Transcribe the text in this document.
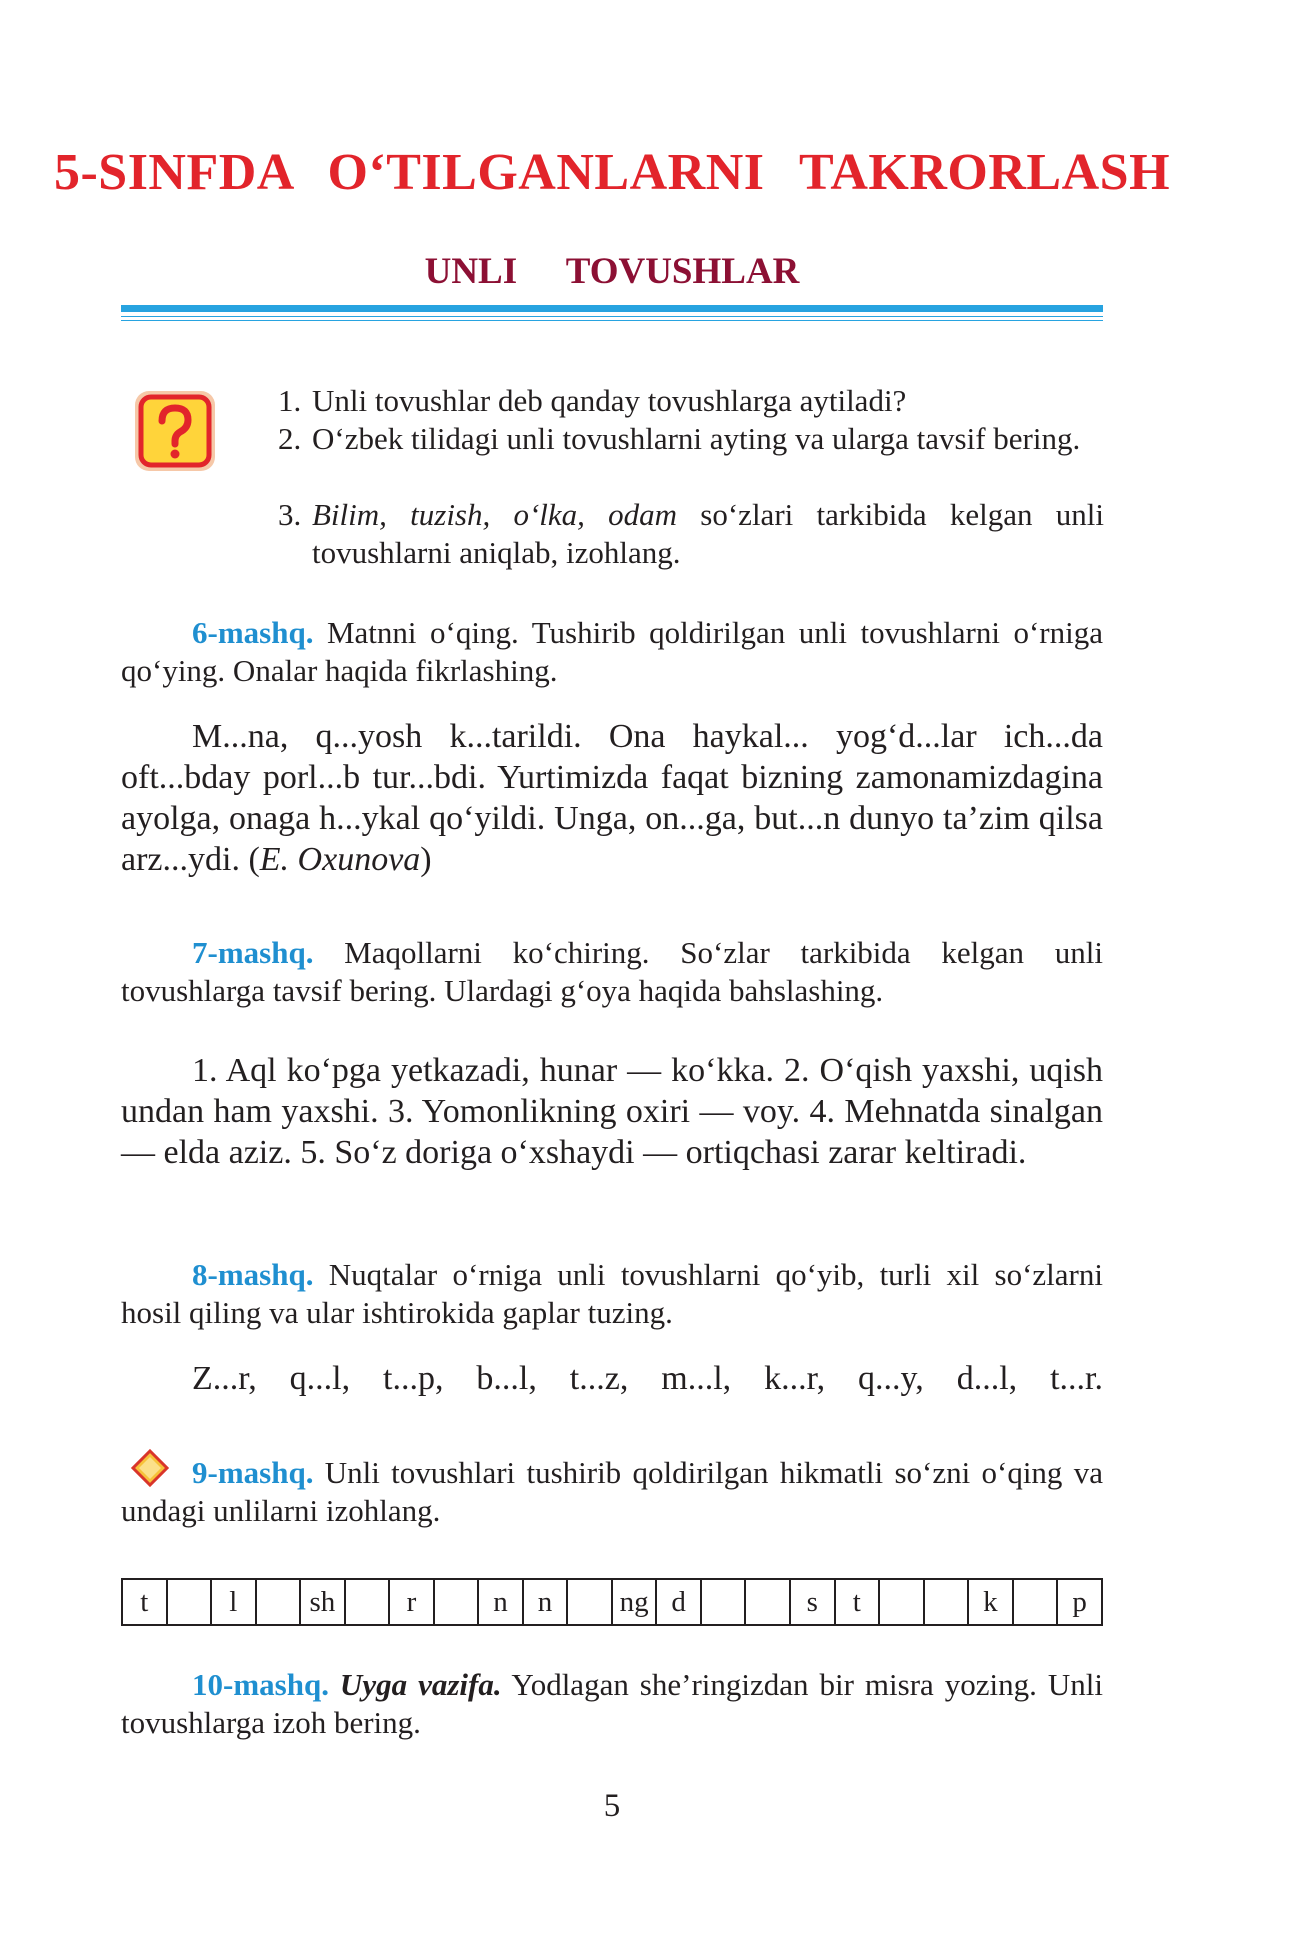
5-SINFDA O‘TILGANLARNI TAKRORLASH
UNLI TOVUSHLAR
1. Unli tovushlar deb qanday tovushlarga aytiladi?
2. O‘zbek tilidagi unli tovushlarni ayting va ularga tavsif bering.
3. Bilim, tuzish, o‘lka, odam so‘zlari tarkibida kelgan unli tovushlarni aniqlab, izohlang.
6-mashq. Matnni o‘qing. Tushirib qoldirilgan unli tovushlarni o‘rniga qo‘ying. Onalar haqida fikrlashing.
M...na, q...yosh k...tarildi. Ona haykal... yog‘d...lar ich...da oft...bday porl...b tur...bdi. Yurtimizda faqat bizning zamonamizdagina ayolga, onaga h...ykal qo‘yildi. Unga, on...ga, but...n dunyo ta’zim qilsa arz...ydi. (E. Oxunova)
7-mashq. Maqollarni ko‘chiring. So‘zlar tarkibida kelgan unli tovushlarga tavsif bering. Ulardagi g‘oya haqida bahslashing.
1. Aql ko‘pga yetkazadi, hunar — ko‘kka. 2. O‘qish yaxshi, uqish undan ham yaxshi. 3. Yomonlikning oxiri — voy. 4. Mehnatda sinalgan — elda aziz. 5. So‘z doriga o‘xshaydi — ortiqchasi zarar keltiradi.
8-mashq. Nuqtalar o‘rniga unli tovushlarni qo‘yib, turli xil so‘zlarni hosil qiling va ular ishtirokida gaplar tuzing.
Z...r, q...l, t...p, b...l, t...z, m...l, k...r, q...y, d...l, t...r.
9-mashq. Unli tovushlari tushirib qoldirilgan hikmatli so‘zni o‘qing va undagi unlilarni izohlang.
t		l		sh		r		n	n		ng	d			s	t			k		p
10-mashq. Uyga vazifa. Yodlagan she’ringizdan bir misra yozing. Unli tovushlarga izoh bering.
5
